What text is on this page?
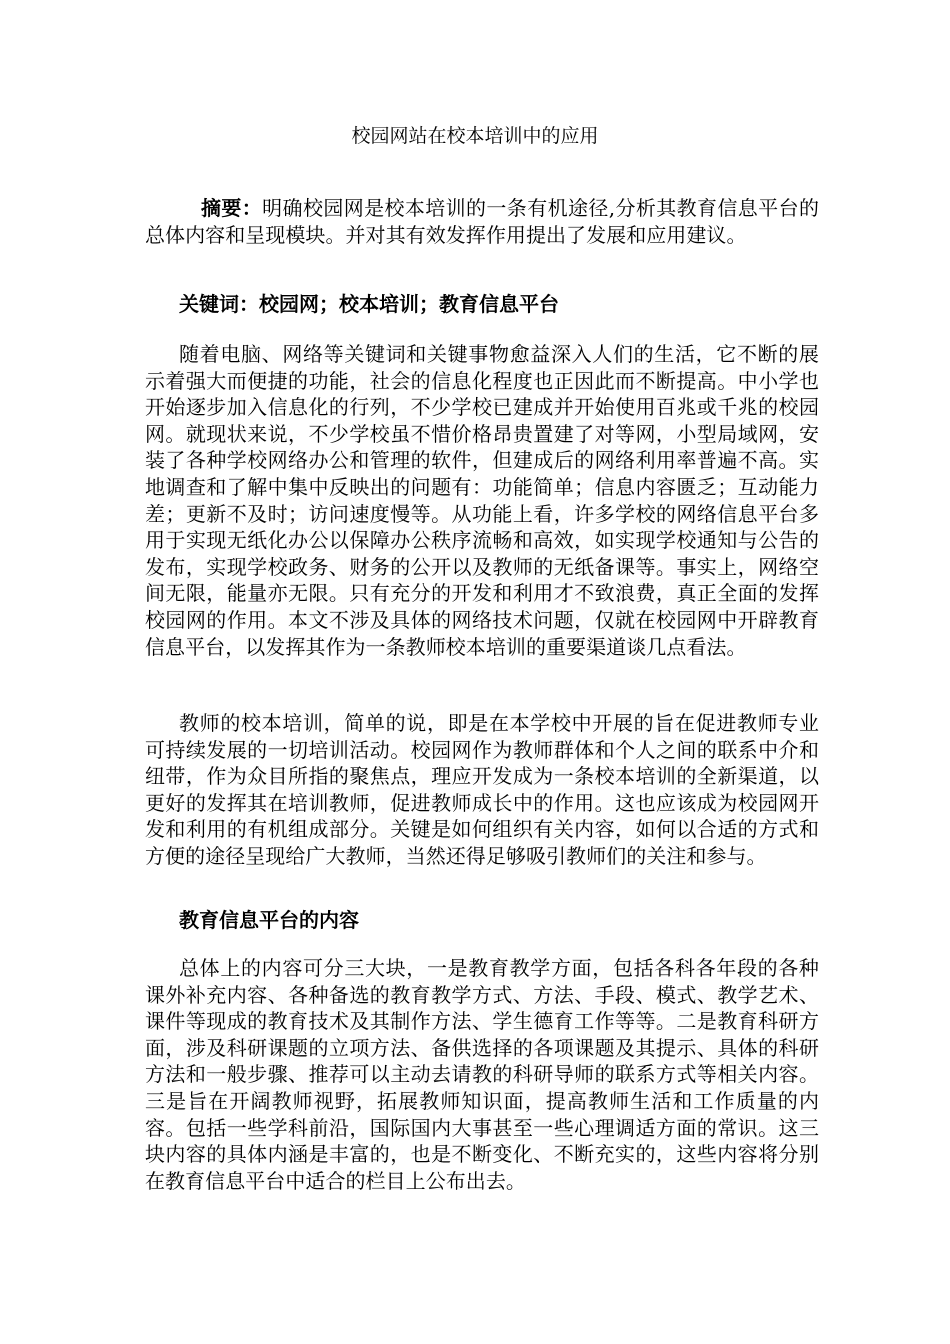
校园网站在校本培训中的应用
摘要：明确校园网是校本培训的一条有机途径,分析其教育信息平台的总体内容和呈现模块。并对其有效发挥作用提出了发展和应用建议。
关键词：校园网；校本培训；教育信息平台
随着电脑、网络等关键词和关键事物愈益深入人们的生活，它不断的展示着强大而便捷的功能，社会的信息化程度也正因此而不断提高。中小学也开始逐步加入信息化的行列，不少学校已建成并开始使用百兆或千兆的校园网。就现状来说，不少学校虽不惜价格昂贵置建了对等网，小型局域网，安装了各种学校网络办公和管理的软件，但建成后的网络利用率普遍不高。实地调查和了解中集中反映出的问题有：功能简单；信息内容匮乏；互动能力差；更新不及时；访问速度慢等。从功能上看，许多学校的网络信息平台多用于实现无纸化办公以保障办公秩序流畅和高效，如实现学校通知与公告的发布，实现学校政务、财务的公开以及教师的无纸备课等。事实上，网络空间无限，能量亦无限。只有充分的开发和利用才不致浪费，真正全面的发挥校园网的作用。本文不涉及具体的网络技术问题，仅就在校园网中开辟教育信息平台，以发挥其作为一条教师校本培训的重要渠道谈几点看法。
教师的校本培训，简单的说，即是在本学校中开展的旨在促进教师专业可持续发展的一切培训活动。校园网作为教师群体和个人之间的联系中介和纽带，作为众目所指的聚焦点，理应开发成为一条校本培训的全新渠道，以更好的发挥其在培训教师，促进教师成长中的作用。这也应该成为校园网开发和利用的有机组成部分。关键是如何组织有关内容，如何以合适的方式和方便的途径呈现给广大教师，当然还得足够吸引教师们的关注和参与。
教育信息平台的内容
总体上的内容可分三大块，一是教育教学方面，包括各科各年段的各种课外补充内容、各种备选的教育教学方式、方法、手段、模式、教学艺术、课件等现成的教育技术及其制作方法、学生德育工作等等。二是教育科研方面，涉及科研课题的立项方法、备供选择的各项课题及其提示、具体的科研方法和一般步骤、推荐可以主动去请教的科研导师的联系方式等相关内容。三是旨在开阔教师视野，拓展教师知识面，提高教师生活和工作质量的内容。包括一些学科前沿，国际国内大事甚至一些心理调适方面的常识。这三块内容的具体内涵是丰富的，也是不断变化、不断充实的，这些内容将分别在教育信息平台中适合的栏目上公布出去。
